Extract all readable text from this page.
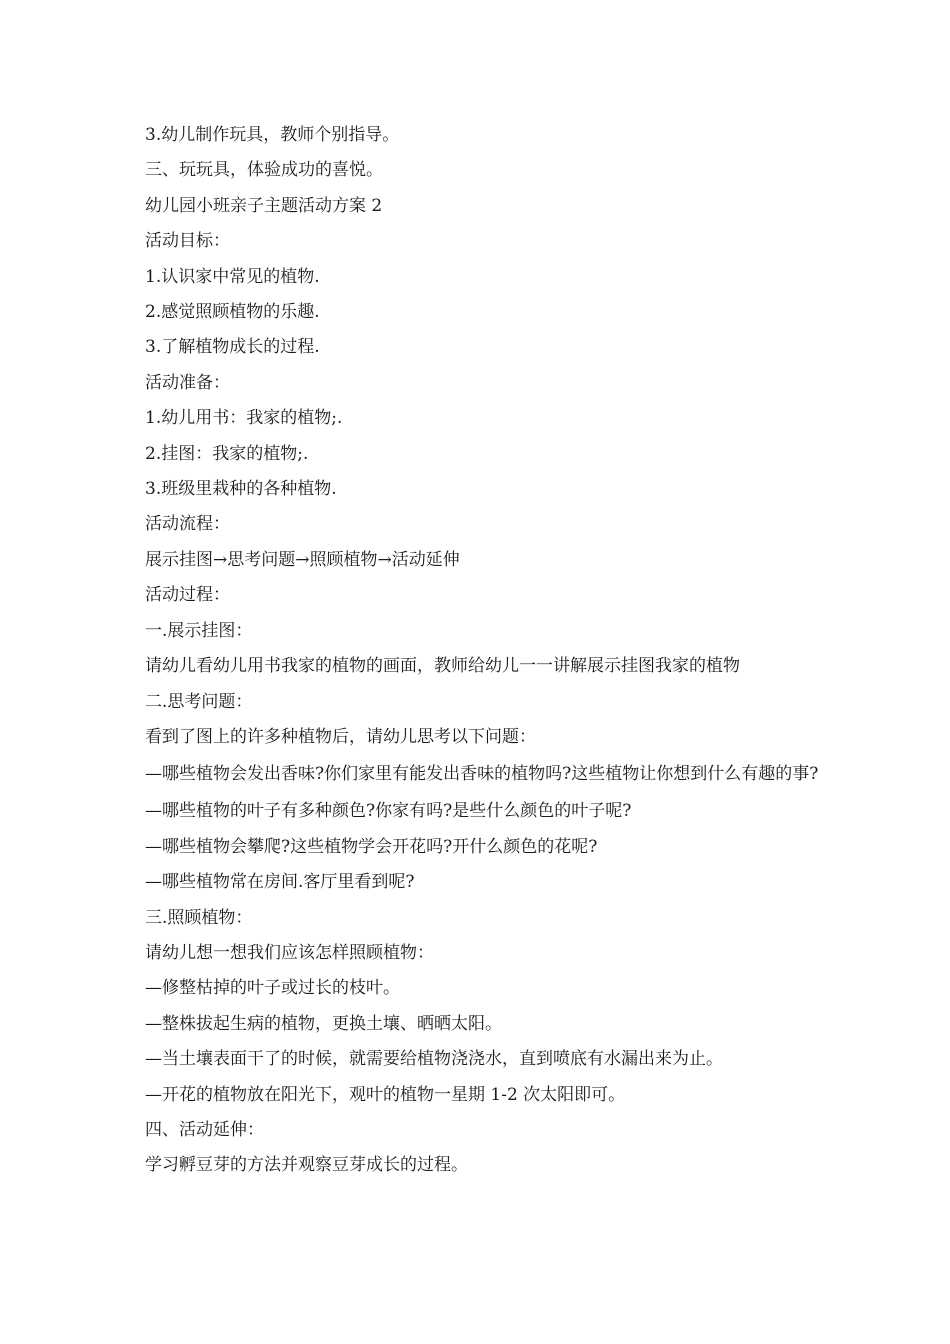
3.幼儿制作玩具，教师个别指导。

三、玩玩具，体验成功的喜悦。

幼儿园小班亲子主题活动方案 2

活动目标：

1.认识家中常见的植物.

2.感觉照顾植物的乐趣.

3.了解植物成长的过程.

活动准备：

1.幼儿用书：我家的植物;.

2.挂图：我家的植物;.

3.班级里栽种的各种植物.

活动流程：

展示挂图→思考问题→照顾植物→活动延伸

活动过程：

一.展示挂图：

请幼儿看幼儿用书我家的植物的画面，教师给幼儿一一讲解展示挂图我家的植物

二.思考问题：

看到了图上的许多种植物后，请幼儿思考以下问题：

—哪些植物会发出香味?你们家里有能发出香味的植物吗?这些植物让你想到什么有趣的事?

—哪些植物的叶子有多种颜色?你家有吗?是些什么颜色的叶子呢?

—哪些植物会攀爬?这些植物学会开花吗?开什么颜色的花呢?

—哪些植物常在房间.客厅里看到呢?

三.照顾植物：

请幼儿想一想我们应该怎样照顾植物：

—修整枯掉的叶子或过长的枝叶。

—整株拔起生病的植物，更换土壤、晒晒太阳。

—当土壤表面干了的时候，就需要给植物浇浇水，直到喷底有水漏出来为止。

—开花的植物放在阳光下，观叶的植物一星期 1-2 次太阳即可。

四、活动延伸：

学习孵豆芽的方法并观察豆芽成长的过程。
